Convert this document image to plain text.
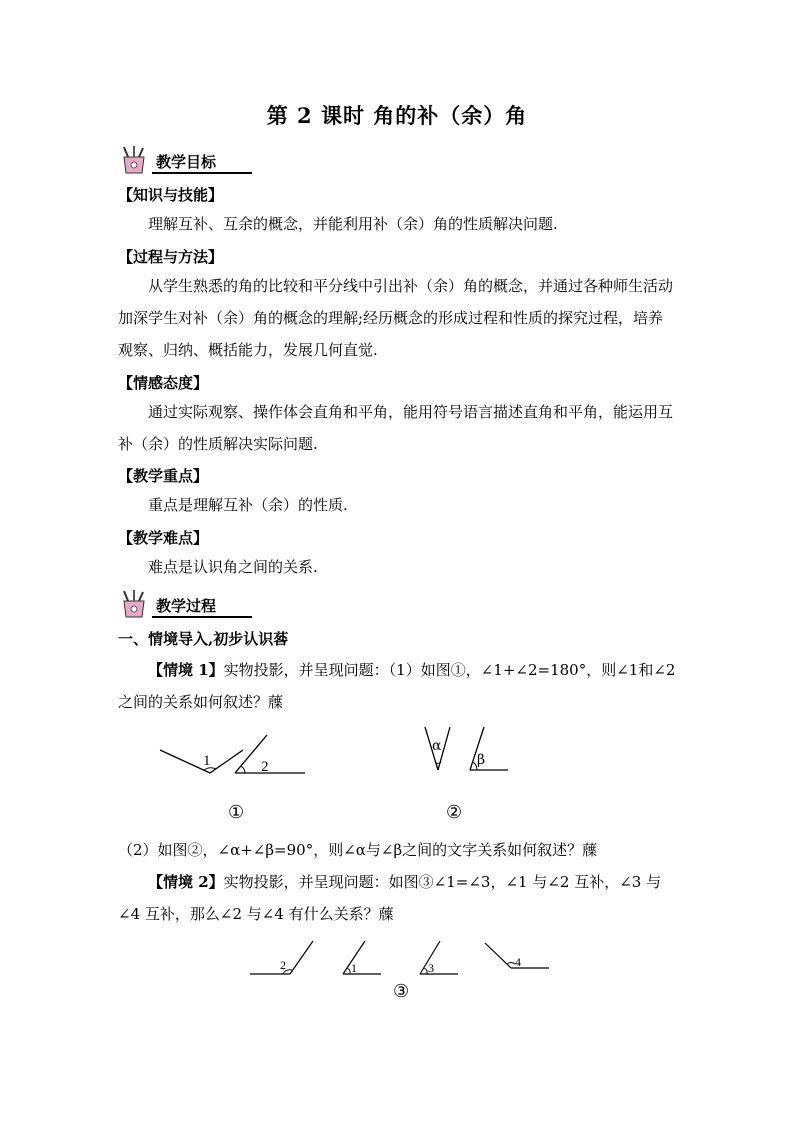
第 2 课时 角的补（余）角
教学目标
【知识与技能】
理解互补、互余的概念，并能利用补（余）角的性质解决问题.
【过程与方法】
从学生熟悉的角的比较和平分线中引出补（余）角的概念，并通过各种师生活动加深学生对补（余）角的概念的理解;经历概念的形成过程和性质的探究过程，培养观察、归纳、概括能力，发展几何直觉.
【情感态度】
通过实际观察、操作体会直角和平角，能用符号语言描述直角和平角，能运用互补（余）的性质解决实际问题.
【教学重点】
重点是理解互补（余）的性质.
【教学难点】
难点是认识角之间的关系.
教学过程
一、情境导入,初步认识䓘
【情境 1】实物投影，并呈现问题：（1）如图①，∠1+∠2=180°，则∠1和∠2 之间的关系如何叙述？䕈
1	2
①
α
β
②
（2）如图②，∠α+∠β=90°，则∠α与∠β之间的文字关系如何叙述？䕈
【情境 2】实物投影，并呈现问题：如图③∠1=∠3，∠1 与∠2 互补，∠3 与∠4 互补，那么∠2 与∠4 有什么关系？䕈
2	1	3	4
③
